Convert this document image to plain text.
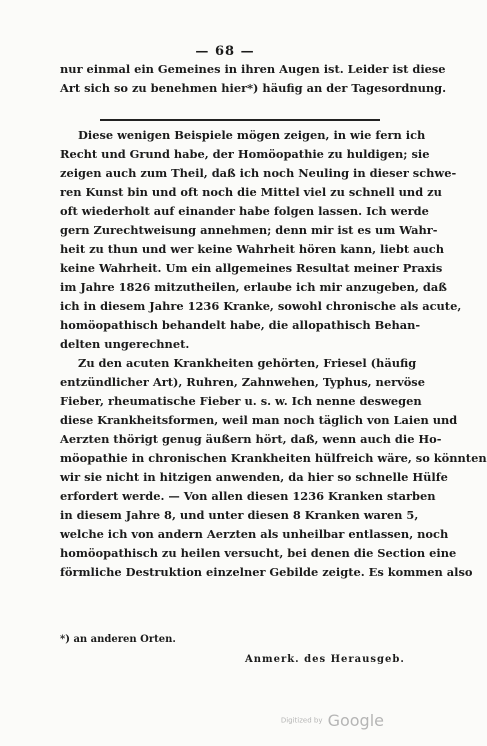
— 68 —
nur einmal ein Gemeines in ihren Augen ist. Leider ist diese
Art sich so zu benehmen hier*) häufig an der Tagesordnung.
Diese wenigen Beispiele mögen zeigen, in wie fern ich
Recht und Grund habe, der Homöopathie zu huldigen; sie
zeigen auch zum Theil, daß ich noch Neuling in dieser schwe-
ren Kunst bin und oft noch die Mittel viel zu schnell und zu
oft wiederholt auf einander habe folgen lassen. Ich werde
gern Zurechtweisung annehmen; denn mir ist es um Wahr-
heit zu thun und wer keine Wahrheit hören kann, liebt auch
keine Wahrheit. Um ein allgemeines Resultat meiner Praxis
im Jahre 1826 mitzutheilen, erlaube ich mir anzugeben, daß
ich in diesem Jahre 1236 Kranke, sowohl chronische als acute,
homöopathisch behandelt habe, die allopathisch Behan-
delten ungerechnet.
Zu den acuten Krankheiten gehörten, Friesel (häufig
entzündlicher Art), Ruhren, Zahnwehen, Typhus, nervöse
Fieber, rheumatische Fieber u. s. w. Ich nenne deswegen
diese Krankheitsformen, weil man noch täglich von Laien und
Aerzten thörigt genug äußern hört, daß, wenn auch die Ho-
möopathie in chronischen Krankheiten hülfreich wäre, so könnten
wir sie nicht in hitzigen anwenden, da hier so schnelle Hülfe
erfordert werde. — Von allen diesen 1236 Kranken starben
in diesem Jahre 8, und unter diesen 8 Kranken waren 5,
welche ich von andern Aerzten als unheilbar entlassen, noch
homöopathisch zu heilen versucht, bei denen die Section eine
förmliche Destruktion einzelner Gebilde zeigte. Es kommen also
*) an anderen Orten.
Anmerk. des Herausgeb.
Digitized by Google
